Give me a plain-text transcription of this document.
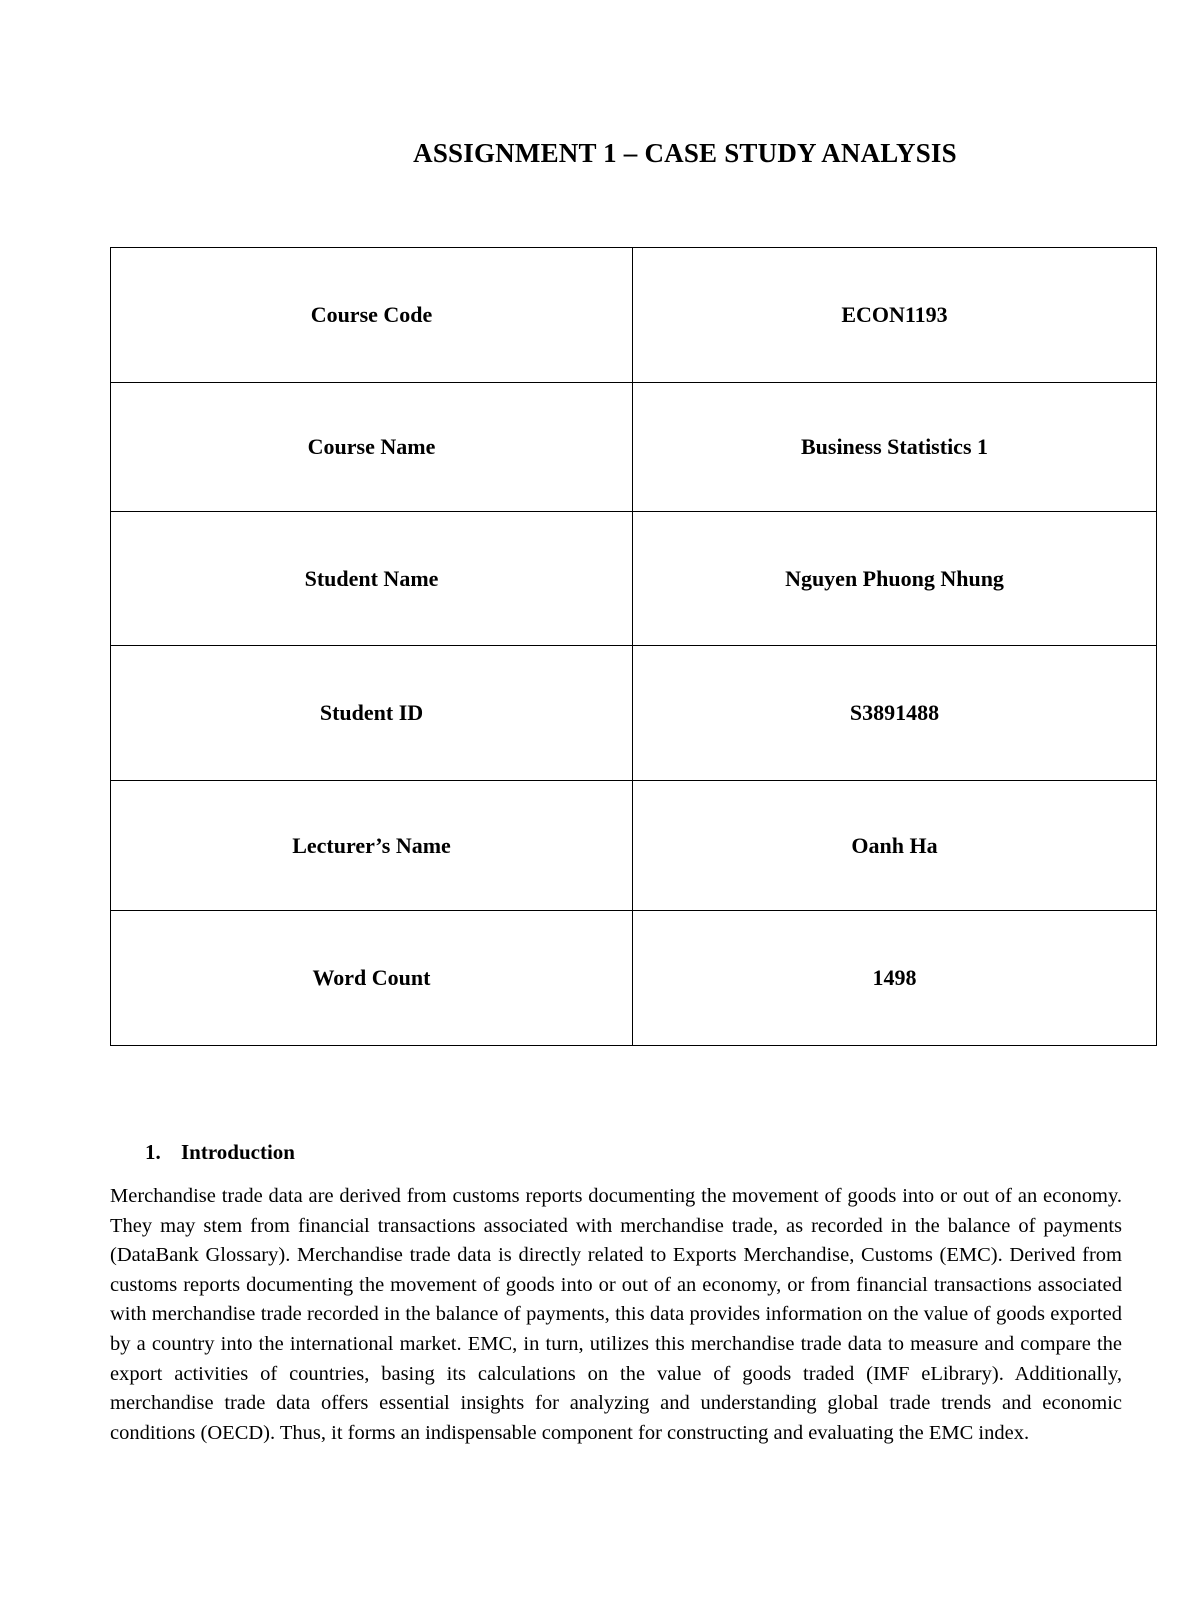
ASSIGNMENT 1 – CASE STUDY ANALYSIS
Course Code	ECON1193
Course Name	Business Statistics 1
Student Name	Nguyen Phuong Nhung
Student ID	S3891488
Lecturer’s Name	Oanh Ha
Word Count	1498
1. Introduction

Merchandise trade data are derived from customs reports documenting the movement of goods into or out of an economy. They may stem from financial transactions associated with merchandise trade, as recorded in the balance of payments (DataBank Glossary). Merchandise trade data is directly related to Exports Merchandise, Customs (EMC). Derived from customs reports documenting the movement of goods into or out of an economy, or from financial transactions associated with merchandise trade recorded in the balance of payments, this data provides information on the value of goods exported by a country into the international market. EMC, in turn, utilizes this merchandise trade data to measure and compare the export activities of countries, basing its calculations on the value of goods traded (IMF eLibrary). Additionally, merchandise trade data offers essential insights for analyzing and understanding global trade trends and economic conditions (OECD). Thus, it forms an indispensable component for constructing and evaluating the EMC index.
